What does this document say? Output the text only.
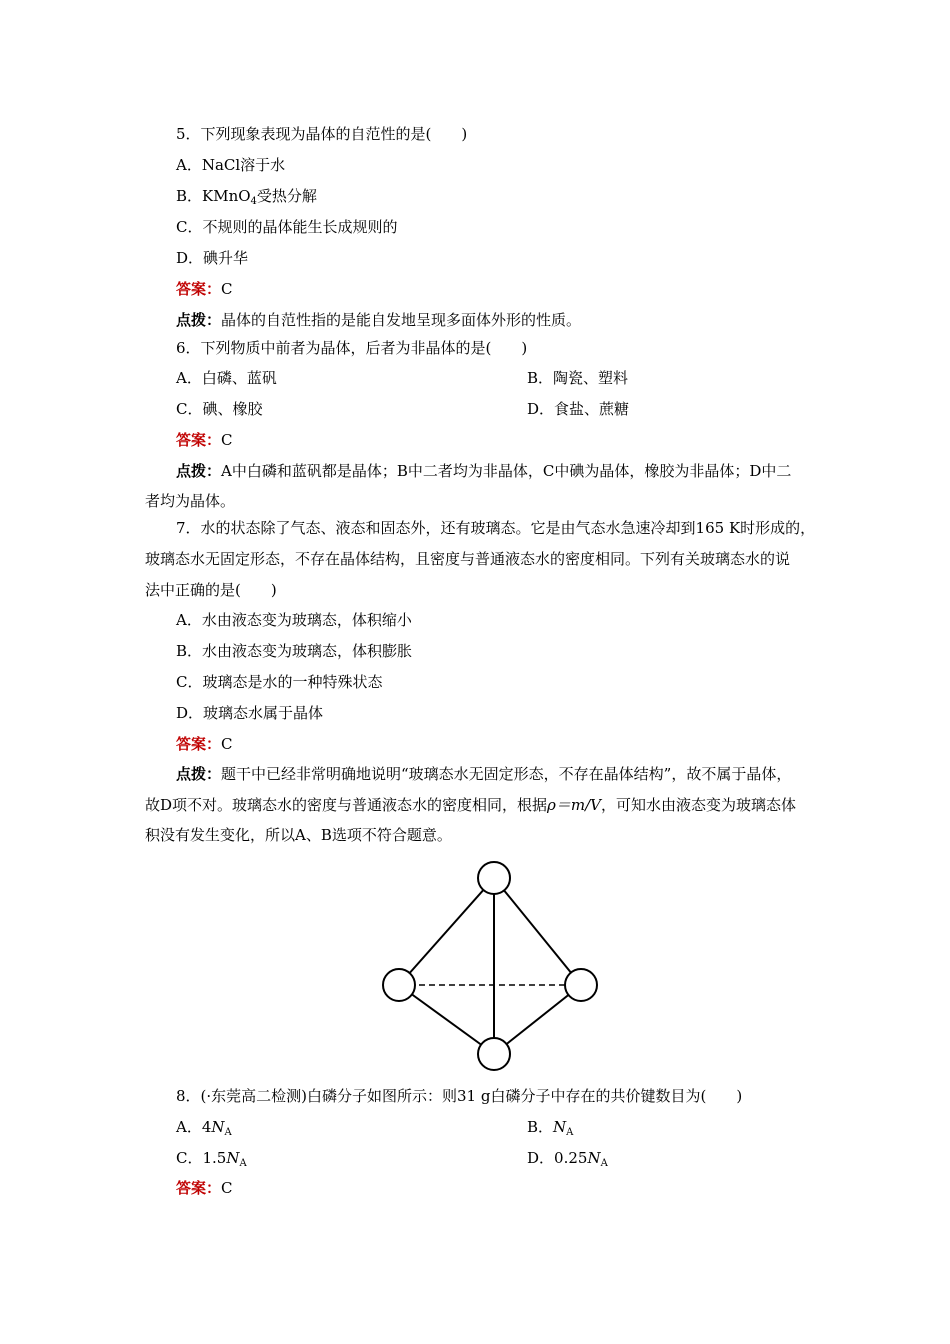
5．下列现象表现为晶体的自范性的是(　　)
A．NaCl溶于水
B．KMnO$_4$受热分解
C．不规则的晶体能生长成规则的
D．碘升华
答案：C
点拨：晶体的自范性指的是能自发地呈现多面体外形的性质。
6．下列物质中前者为晶体，后者为非晶体的是(　　)
A．白磷、蓝矾	B．陶瓷、塑料
C．碘、橡胶	D．食盐、蔗糖
答案：C
点拨：A中白磷和蓝矾都是晶体；B中二者均为非晶体，C中碘为晶体，橡胶为非晶体；D中二
者均为晶体。
7．水的状态除了气态、液态和固态外，还有玻璃态。它是由气态水急速冷却到165 K时形成的，
玻璃态水无固定形态，不存在晶体结构，且密度与普通液态水的密度相同。下列有关玻璃态水的说
法中正确的是(　　)
A．水由液态变为玻璃态，体积缩小
B．水由液态变为玻璃态，体积膨胀
C．玻璃态是水的一种特殊状态
D．玻璃态水属于晶体
答案：C
点拨：题干中已经非常明确地说明“玻璃态水无固定形态，不存在晶体结构”，故不属于晶体，
故D项不对。玻璃态水的密度与普通液态水的密度相同，根据ρ＝m/V，可知水由液态变为玻璃态体
积没有发生变化，所以A、B选项不符合题意。
8．(·东莞高二检测)白磷分子如图所示：则31 g白磷分子中存在的共价键数目为(　　)
A．$4N_A$	B．$N_A$
C．$1.5N_A$	D．$0.25N_A$
答案：C
